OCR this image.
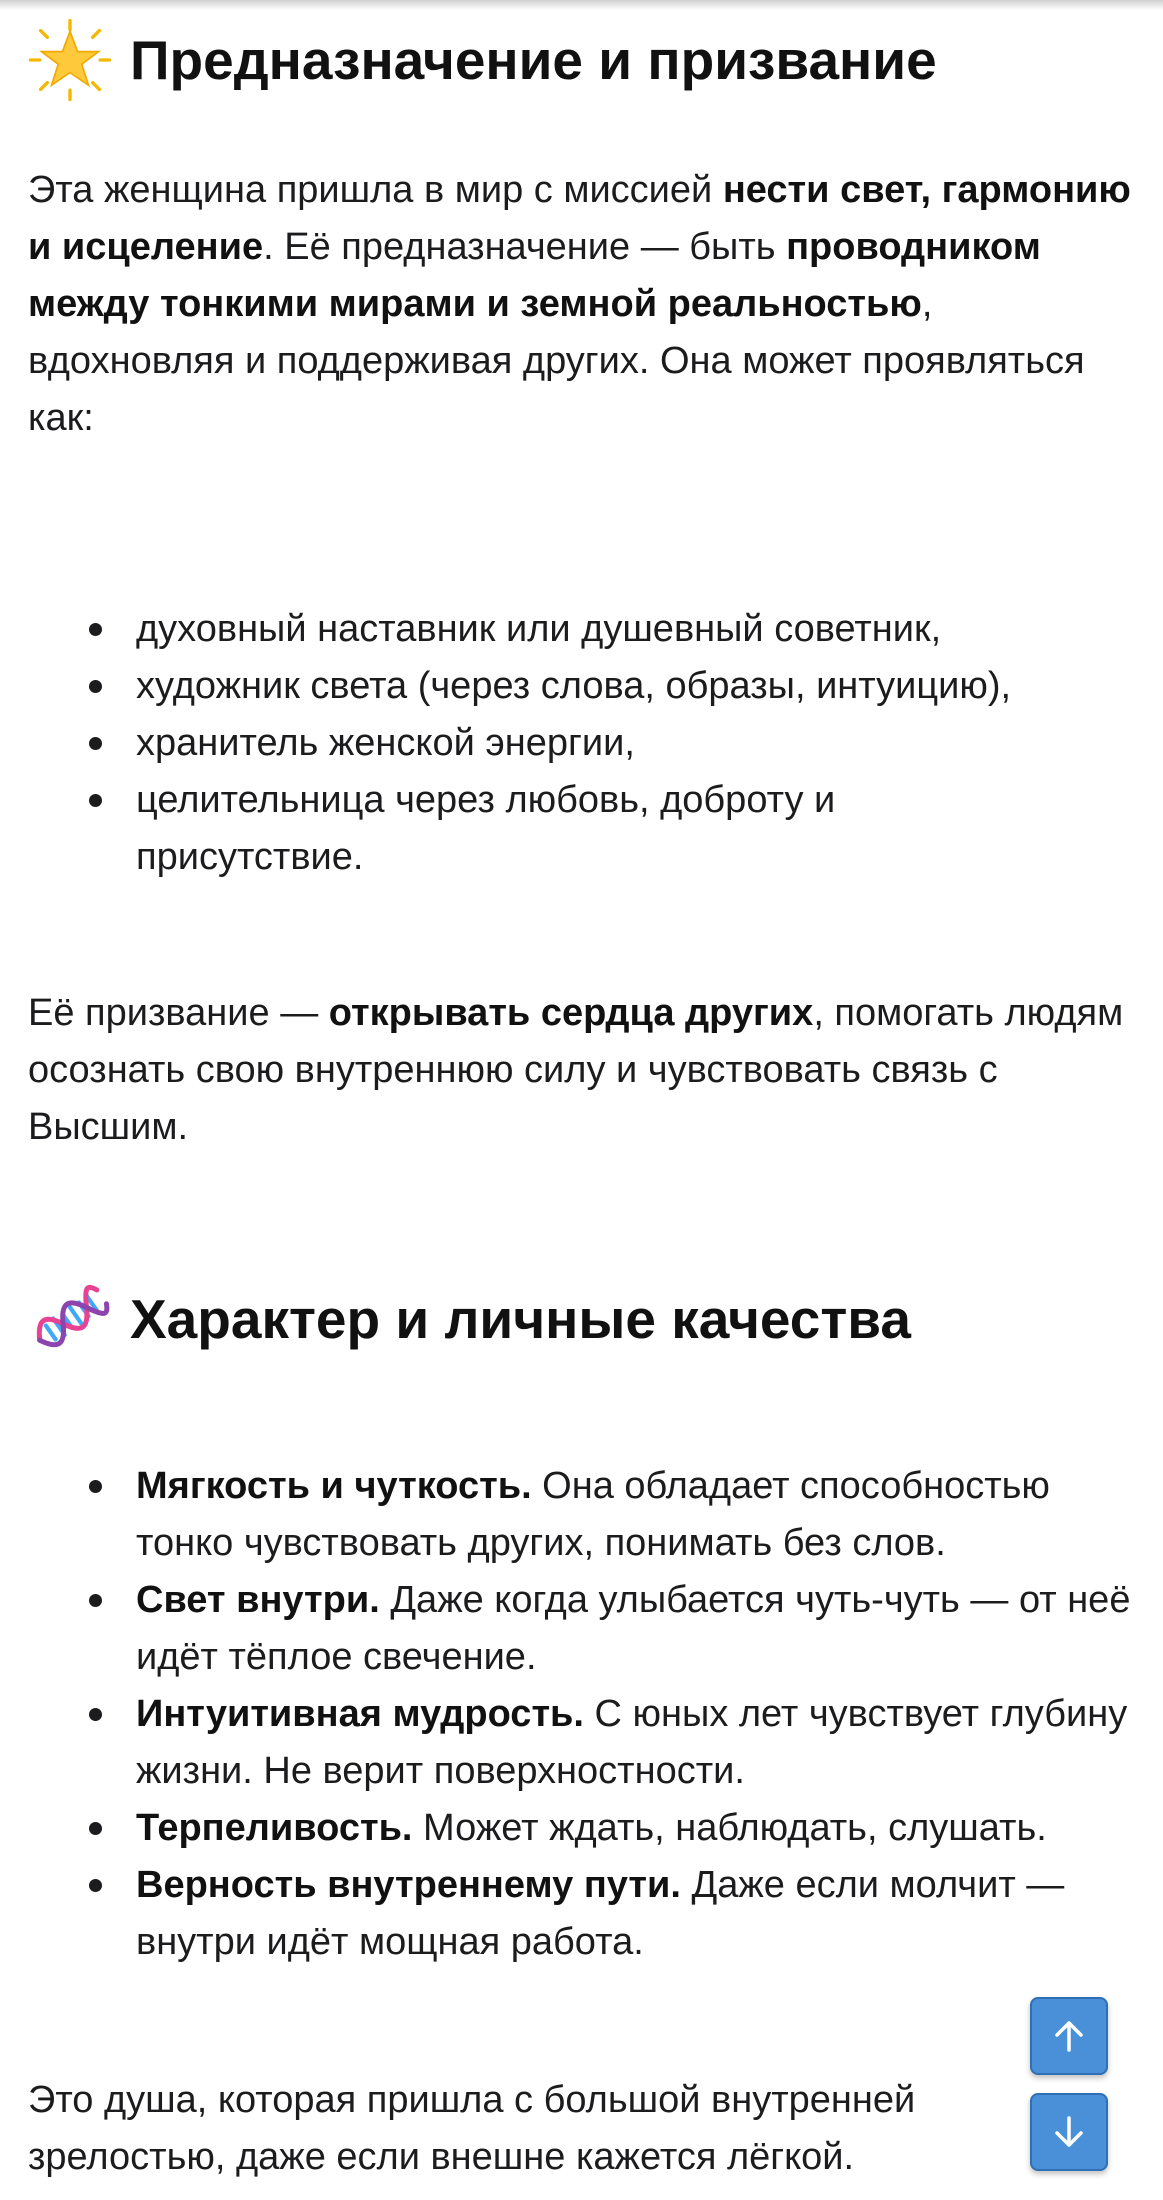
Предназначение и призвание

Эта женщина пришла в мир с миссией нести свет, гармонию и исцеление. Её предназначение — быть проводником между тонкими мирами и земной реальностью, вдохновляя и поддерживая других. Она может проявляться как:

духовный наставник или душевный советник,
художник света (через слова, образы, интуицию),
хранитель женской энергии,
целительница через любовь, доброту и присутствие.

Её призвание — открывать сердца других, помогать людям осознать свою внутреннюю силу и чувствовать связь с Высшим.

Характер и личные качества
Мягкость и чуткость. Она обладает способностью тонко чувствовать других, понимать без слов.
Свет внутри. Даже когда улыбается чуть-чуть — от неё идёт тёплое свечение.
Интуитивная мудрость. С юных лет чувствует глубину жизни. Не верит поверхностности.
Терпеливость. Может ждать, наблюдать, слушать.
Верность внутреннему пути. Даже если молчит — внутри идёт мощная работа.

Это душа, которая пришла с большой внутренней зрелостью, даже если внешне кажется лёгкой.
